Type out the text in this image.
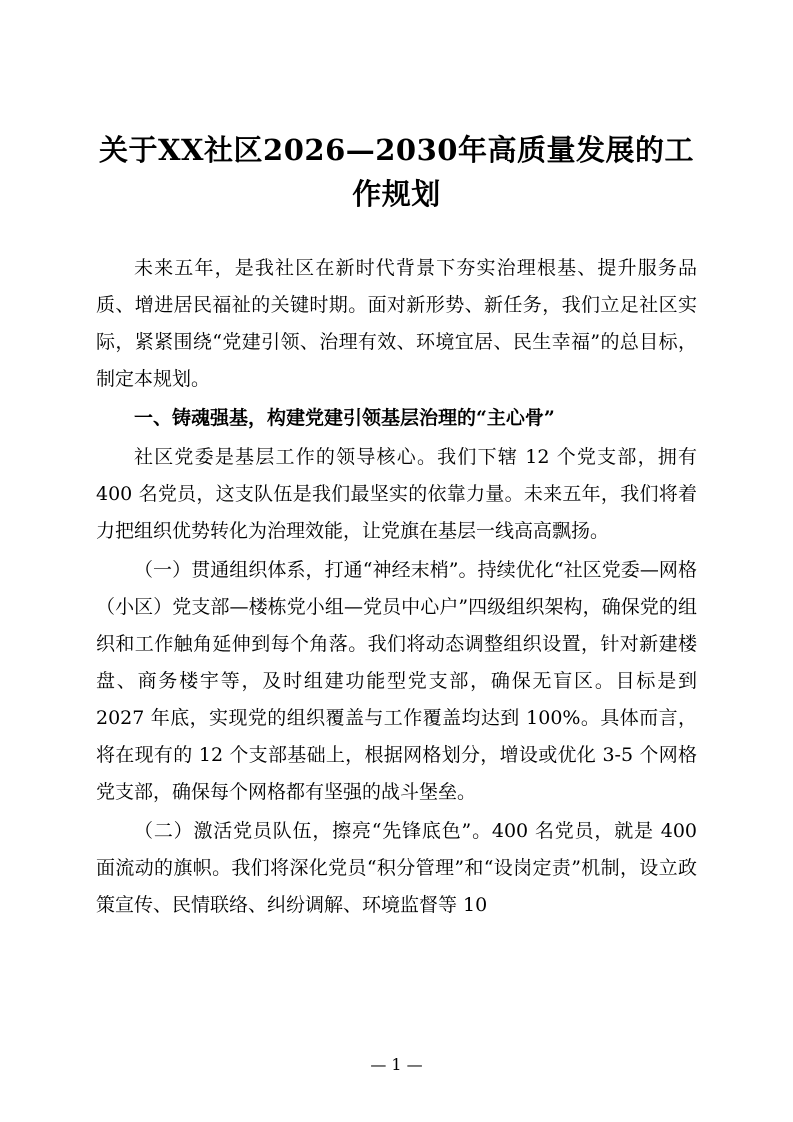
关于XX社区2026—2030年高质量发展的工作规划

未来五年，是我社区在新时代背景下夯实治理根基、提升服务品质、增进居民福祉的关键时期。面对新形势、新任务，我们立足社区实际，紧紧围绕“党建引领、治理有效、环境宜居、民生幸福”的总目标，制定本规划。

一、铸魂强基，构建党建引领基层治理的“主心骨”

社区党委是基层工作的领导核心。我们下辖 12 个党支部，拥有 400 名党员，这支队伍是我们最坚实的依靠力量。未来五年，我们将着力把组织优势转化为治理效能，让党旗在基层一线高高飘扬。

（一）贯通组织体系，打通“神经末梢”。持续优化“社区党委—网格（小区）党支部—楼栋党小组—党员中心户”四级组织架构，确保党的组织和工作触角延伸到每个角落。我们将动态调整组织设置，针对新建楼盘、商务楼宇等，及时组建功能型党支部，确保无盲区。目标是到 2027 年底，实现党的组织覆盖与工作覆盖均达到 100%。具体而言，将在现有的 12 个支部基础上，根据网格划分，增设或优化 3-5 个网格党支部，确保每个网格都有坚强的战斗堡垒。

（二）激活党员队伍，擦亮“先锋底色”。400 名党员，就是 400 面流动的旗帜。我们将深化党员“积分管理”和“设岗定责”机制，设立政策宣传、民情联络、纠纷调解、环境监督等 10

— 1 —
